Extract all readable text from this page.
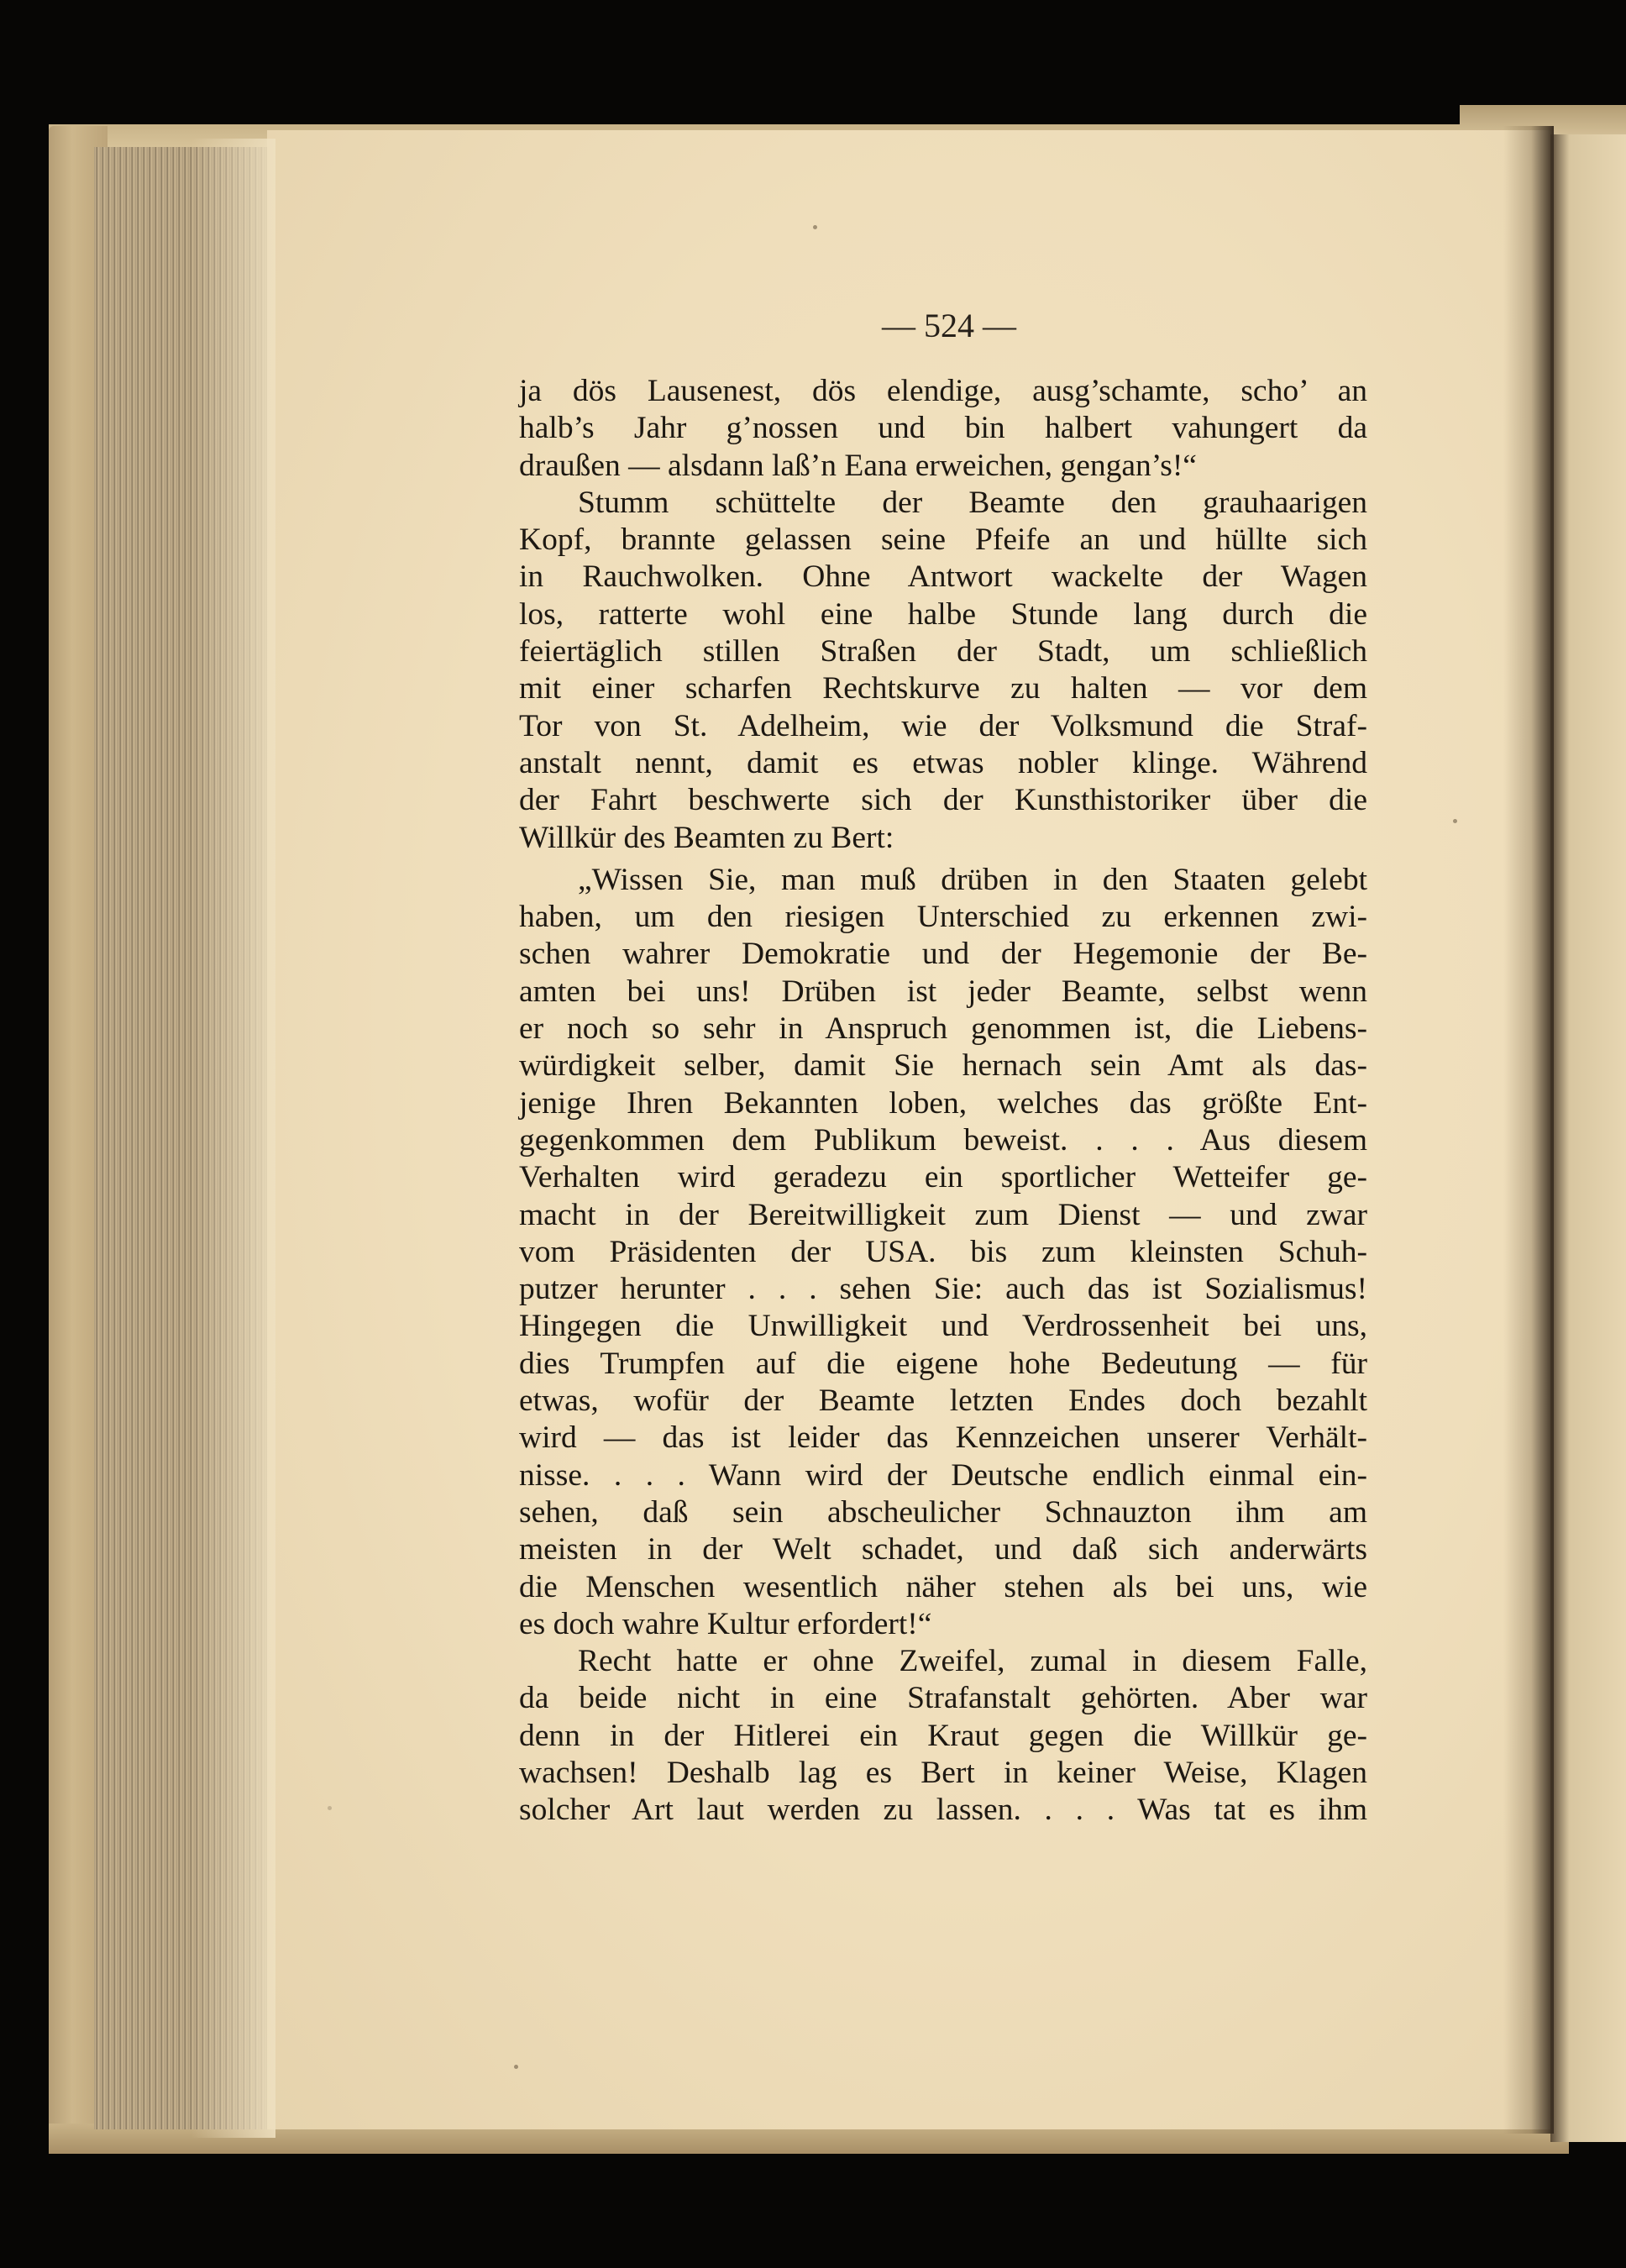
— 524 —
ja dös Lausenest, dös elendige, ausg’schamte, scho’ an
halb’s Jahr g’nossen und bin halbert vahungert da
draußen — alsdann laß’n Eana erweichen, gengan’s!“
Stumm schüttelte der Beamte den grauhaarigen
Kopf, brannte gelassen seine Pfeife an und hüllte sich
in Rauchwolken. Ohne Antwort wackelte der Wagen
los, ratterte wohl eine halbe Stunde lang durch die
feiertäglich stillen Straßen der Stadt, um schließlich
mit einer scharfen Rechtskurve zu halten — vor dem
Tor von St. Adelheim, wie der Volksmund die Straf-
anstalt nennt, damit es etwas nobler klinge. Während
der Fahrt beschwerte sich der Kunsthistoriker über die
Willkür des Beamten zu Bert:
„Wissen Sie, man muß drüben in den Staaten gelebt
haben, um den riesigen Unterschied zu erkennen zwi-
schen wahrer Demokratie und der Hegemonie der Be-
amten bei uns! Drüben ist jeder Beamte, selbst wenn
er noch so sehr in Anspruch genommen ist, die Liebens-
würdigkeit selber, damit Sie hernach sein Amt als das-
jenige Ihren Bekannten loben, welches das größte Ent-
gegenkommen dem Publikum beweist. . . . Aus diesem
Verhalten wird geradezu ein sportlicher Wetteifer ge-
macht in der Bereitwilligkeit zum Dienst — und zwar
vom Präsidenten der USA. bis zum kleinsten Schuh-
putzer herunter . . . sehen Sie: auch das ist Sozialismus!
Hingegen die Unwilligkeit und Verdrossenheit bei uns,
dies Trumpfen auf die eigene hohe Bedeutung — für
etwas, wofür der Beamte letzten Endes doch bezahlt
wird — das ist leider das Kennzeichen unserer Verhält-
nisse. . . . Wann wird der Deutsche endlich einmal ein-
sehen, daß sein abscheulicher Schnauzton ihm am
meisten in der Welt schadet, und daß sich anderwärts
die Menschen wesentlich näher stehen als bei uns, wie
es doch wahre Kultur erfordert!“
Recht hatte er ohne Zweifel, zumal in diesem Falle,
da beide nicht in eine Strafanstalt gehörten. Aber war
denn in der Hitlerei ein Kraut gegen die Willkür ge-
wachsen! Deshalb lag es Bert in keiner Weise, Klagen
solcher Art laut werden zu lassen. . . . Was tat es ihm
